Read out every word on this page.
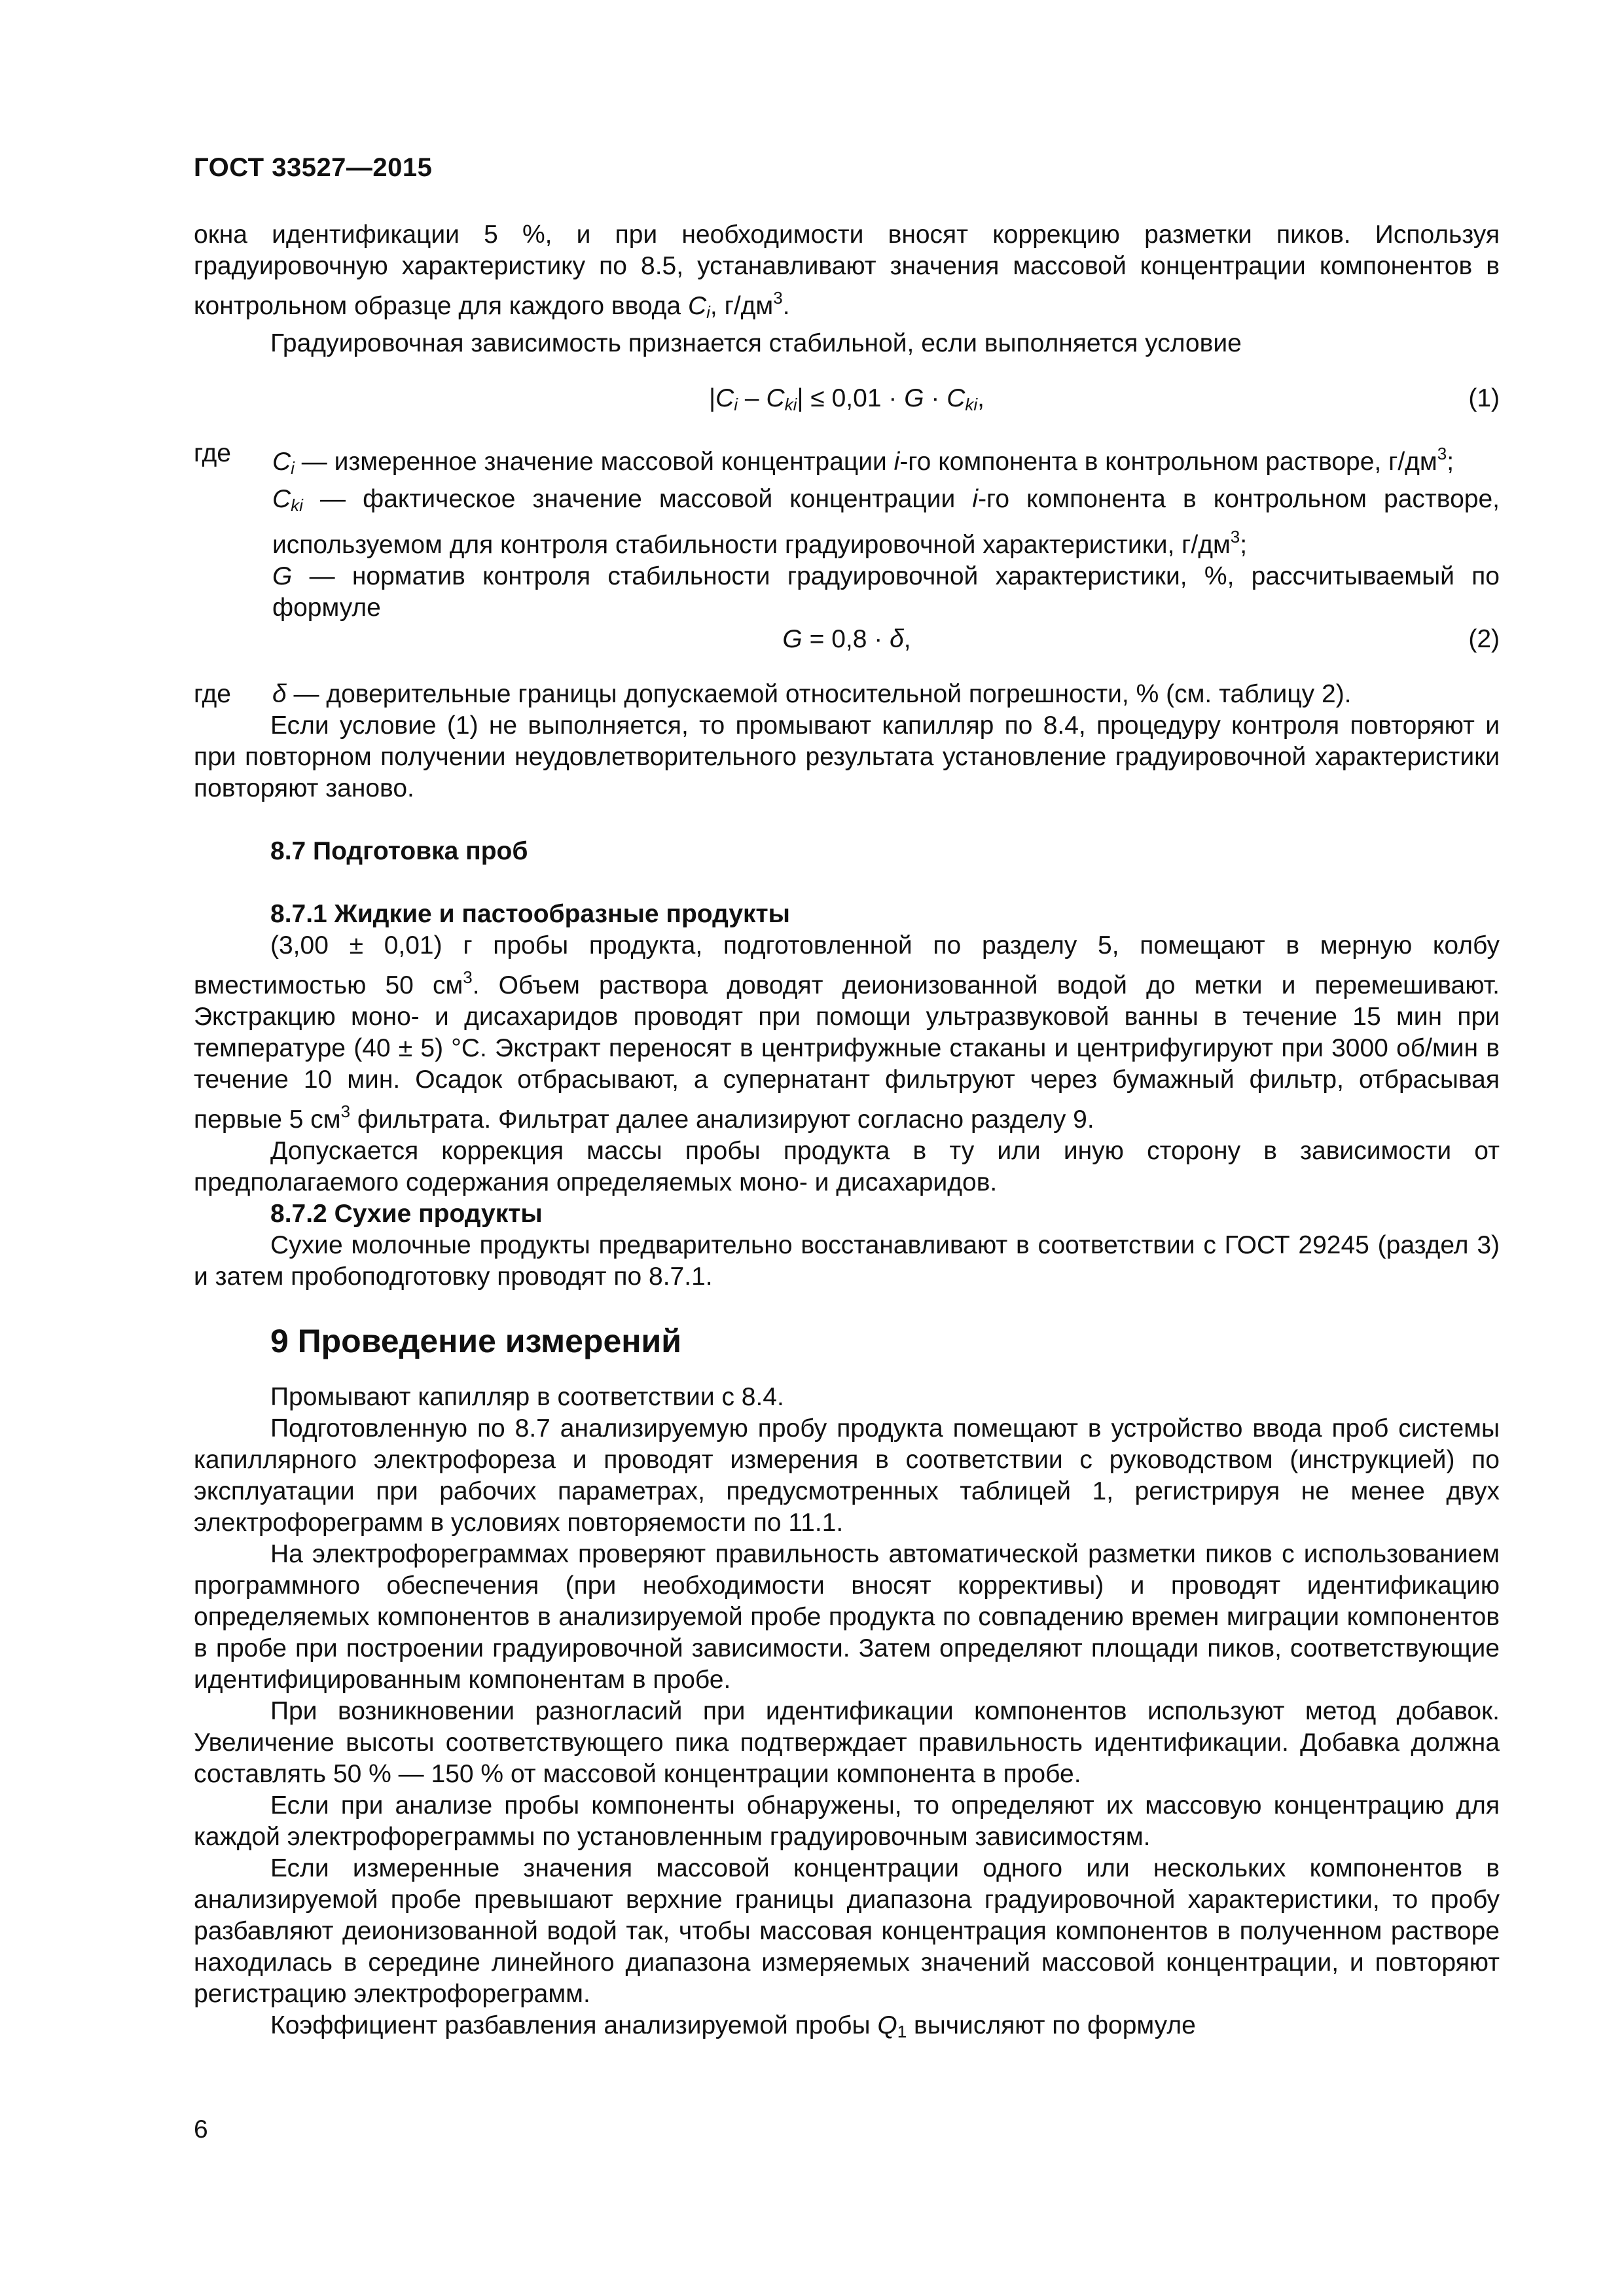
ГОСТ 33527—2015

окна идентификации 5 %, и при необходимости вносят коррекцию разметки пиков. Используя градуировочную характеристику по 8.5, устанавливают значения массовой концентрации компонентов в контрольном образце для каждого ввода $C_i$, $г/дм^3$.

Градуировочная зависимость признается стабильной, если выполняется условие

$|C_i - C_{ki}| \le 0,01 \cdot G \cdot C_{ki}$,	(1)
где $C_i$ — измеренное значение массовой концентрации i-го компонента в контрольном растворе, $г/дм^3$;

$C_{ki}$ — фактическое значение массовой концентрации i-го компонента в контрольном растворе, используемом для контроля стабильности градуировочной характеристики, $г/дм^3$;

G — норматив контроля стабильности градуировочной характеристики, %, рассчитываемый по формуле

G = 0,8 · δ,	(2)
где δ — доверительные границы допускаемой относительной погрешности, % (см. таблицу 2).

Если условие (1) не выполняется, то промывают капилляр по 8.4, процедуру контроля повторяют и при повторном получении неудовлетворительного результата установление градуировочной характеристики повторяют заново.

8.7 Подготовка проб

8.7.1 Жидкие и пастообразные продукты

(3,00 ± 0,01) г пробы продукта, подготовленной по разделу 5, помещают в мерную колбу вместимостью 50 $см^3$. Объем раствора доводят деионизованной водой до метки и перемешивают. Экстракцию моно- и дисахаридов проводят при помощи ультразвуковой ванны в течение 15 мин при температуре (40 ± 5) °С. Экстракт переносят в центрифужные стаканы и центрифугируют при 3000 об/мин в течение 10 мин. Осадок отбрасывают, а супернатант фильтруют через бумажный фильтр, отбрасывая первые 5 $см^3$ фильтрата. Фильтрат далее анализируют согласно разделу 9.

Допускается коррекция массы пробы продукта в ту или иную сторону в зависимости от предполагаемого содержания определяемых моно- и дисахаридов.

8.7.2 Сухие продукты

Сухие молочные продукты предварительно восстанавливают в соответствии с ГОСТ 29245 (раздел 3) и затем пробоподготовку проводят по 8.7.1.

9 Проведение измерений

Промывают капилляр в соответствии с 8.4.

Подготовленную по 8.7 анализируемую пробу продукта помещают в устройство ввода проб системы капиллярного электрофореза и проводят измерения в соответствии с руководством (инструкцией) по эксплуатации при рабочих параметрах, предусмотренных таблицей 1, регистрируя не менее двух электрофореграмм в условиях повторяемости по 11.1.

На электрофореграммах проверяют правильность автоматической разметки пиков с использованием программного обеспечения (при необходимости вносят коррективы) и проводят идентификацию определяемых компонентов в анализируемой пробе продукта по совпадению времен миграции компонентов в пробе при построении градуировочной зависимости. Затем определяют площади пиков, соответствующие идентифицированным компонентам в пробе.

При возникновении разногласий при идентификации компонентов используют метод добавок. Увеличение высоты соответствующего пика подтверждает правильность идентификации. Добавка должна составлять 50 % — 150 % от массовой концентрации компонента в пробе.

Если при анализе пробы компоненты обнаружены, то определяют их массовую концентрацию для каждой электрофореграммы по установленным градуировочным зависимостям.

Если измеренные значения массовой концентрации одного или нескольких компонентов в анализируемой пробе превышают верхние границы диапазона градуировочной характеристики, то пробу разбавляют деионизованной водой так, чтобы массовая концентрация компонентов в полученном растворе находилась в середине линейного диапазона измеряемых значений массовой концентрации, и повторяют регистрацию электрофореграмм.

Коэффициент разбавления анализируемой пробы $Q_1$ вычисляют по формуле

6
